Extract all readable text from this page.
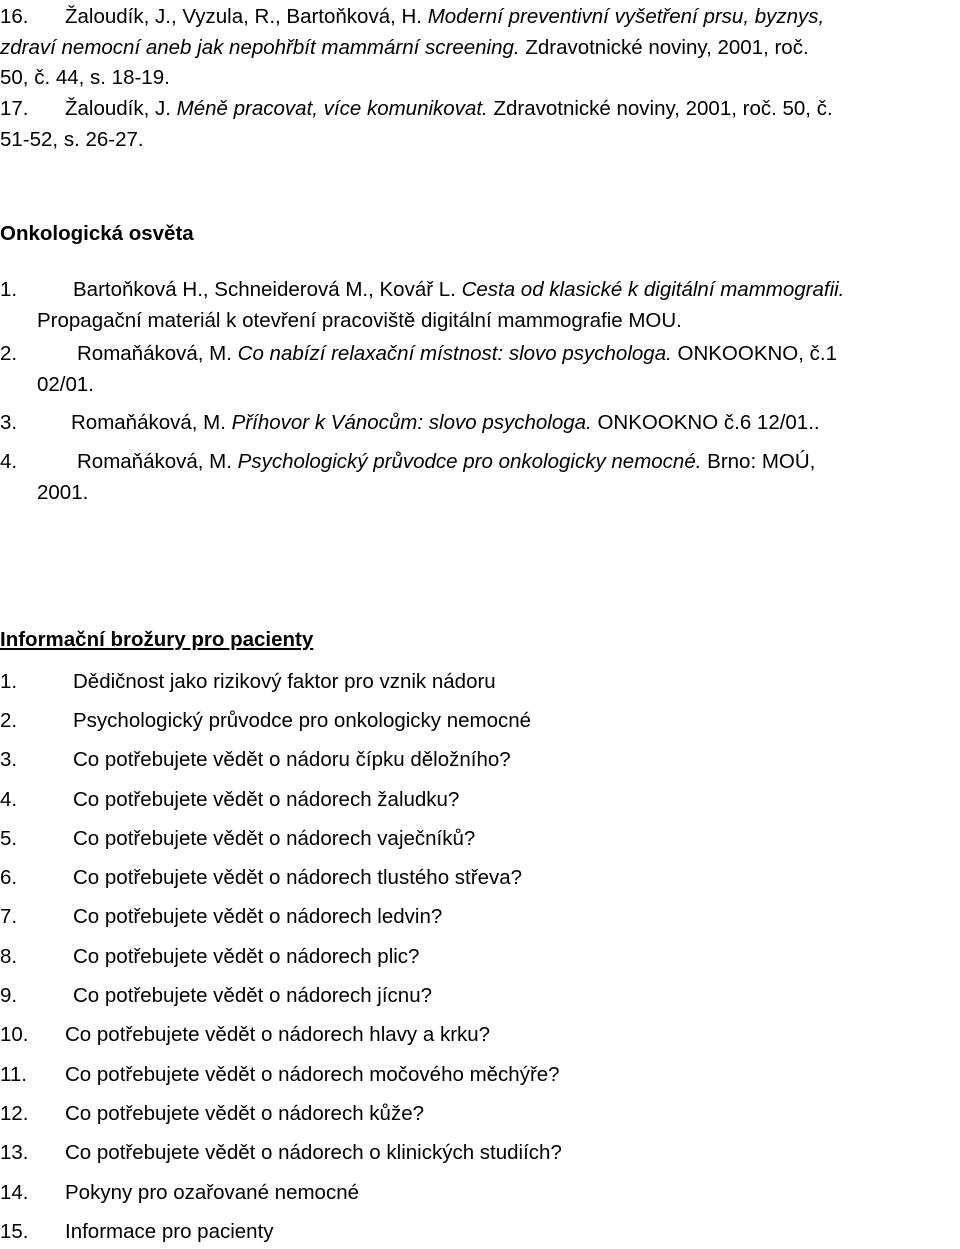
16. Žaloudík, J., Vyzula, R., Bartoňková, H. Moderní preventivní vyšetření prsu, byznys,
zdraví nemocní aneb jak nepohřbít mammární screening. Zdravotnické noviny, 2001, roč.
50, č. 44, s. 18-19.
17. Žaloudík, J. Méně pracovat, více komunikovat. Zdravotnické noviny, 2001, roč. 50, č.
51-52, s. 26-27.
Onkologická osvěta
1.	Bartoňková H., Schneiderová M., Kovář L. Cesta od klasické k digitální mammografii.
Propagační materiál k otevření pracoviště digitální mammografie MOU.
2.	Romaňáková, M. Co nabízí relaxační místnost: slovo psychologa. ONKOOKNO, č.1
02/01.
3.	Romaňáková, M. Příhovor k Vánocům: slovo psychologa. ONKOOKNO č.6 12/01..
4.	Romaňáková, M. Psychologický průvodce pro onkologicky nemocné. Brno: MOÚ,
2001.
Informační brožury pro pacienty
1.	Dědičnost jako rizikový faktor pro vznik nádoru
2.	Psychologický průvodce pro onkologicky nemocné
3.	Co potřebujete vědět o nádoru čípku děložního?
4.	Co potřebujete vědět o nádorech žaludku?
5.	Co potřebujete vědět o nádorech vaječníků?
6.	Co potřebujete vědět o nádorech tlustého střeva?
7.	Co potřebujete vědět o nádorech ledvin?
8.	Co potřebujete vědět o nádorech plic?
9.	Co potřebujete vědět o nádorech jícnu?
10. Co potřebujete vědět o nádorech hlavy a krku?
11. Co potřebujete vědět o nádorech močového měchýře?
12. Co potřebujete vědět o nádorech kůže?
13. Co potřebujete vědět o nádorech o klinických studiích?
14. Pokyny pro ozařované nemocné
15. Informace pro pacienty
